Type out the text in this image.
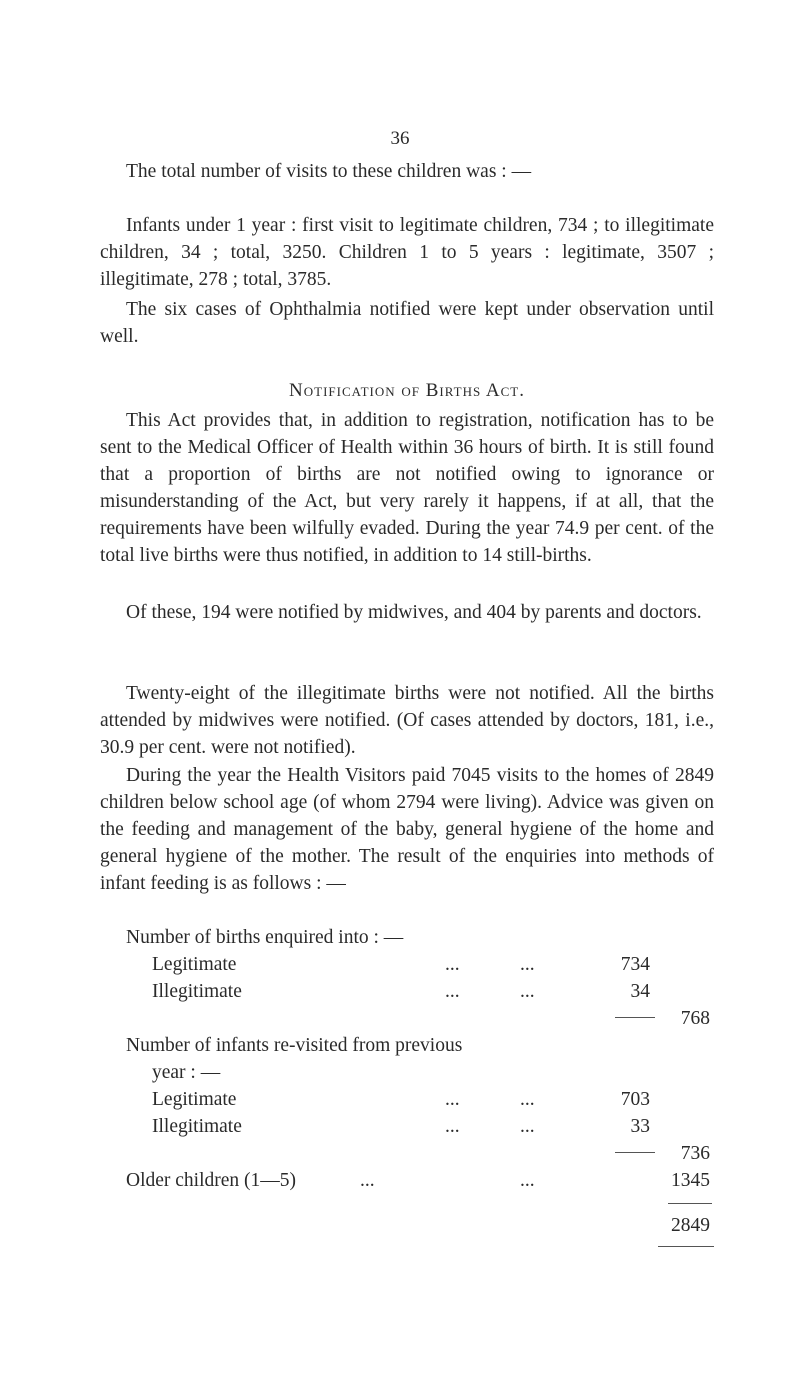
36

The total number of visits to these children was : —

Infants under 1 year : first visit to legitimate children, 734 ; to illegitimate children, 34 ; total, 3250. Children 1 to 5 years : legitimate, 3507 ; illegitimate, 278 ; total, 3785.

The six cases of Ophthalmia notified were kept under observation until well.

Notification of Births Act.

This Act provides that, in addition to registration, notification has to be sent to the Medical Officer of Health within 36 hours of birth. It is still found that a proportion of births are not notified owing to ignorance or misunderstanding of the Act, but very rarely it happens, if at all, that the requirements have been wilfully evaded. During the year 74.9 per cent. of the total live births were thus notified, in addition to 14 still-births.

Of these, 194 were notified by midwives, and 404 by parents and doctors.

Twenty-eight of the illegitimate births were not notified. All the births attended by midwives were notified. (Of cases attended by doctors, 181, i.e., 30.9 per cent. were not notified).

During the year the Health Visitors paid 7045 visits to the homes of 2849 children below school age (of whom 2794 were living). Advice was given on the feeding and management of the baby, general hygiene of the home and general hygiene of the mother. The result of the enquiries into methods of infant feeding is as follows : —

Number of births enquired into : —
Legitimate	...	...	734
Illegitimate	...	...	34
768
Number of infants re-visited from previous
year : —
Legitimate	...	...	703
Illegitimate	...	...	33
736
Older children (1—5)	...	...	1345
2849
